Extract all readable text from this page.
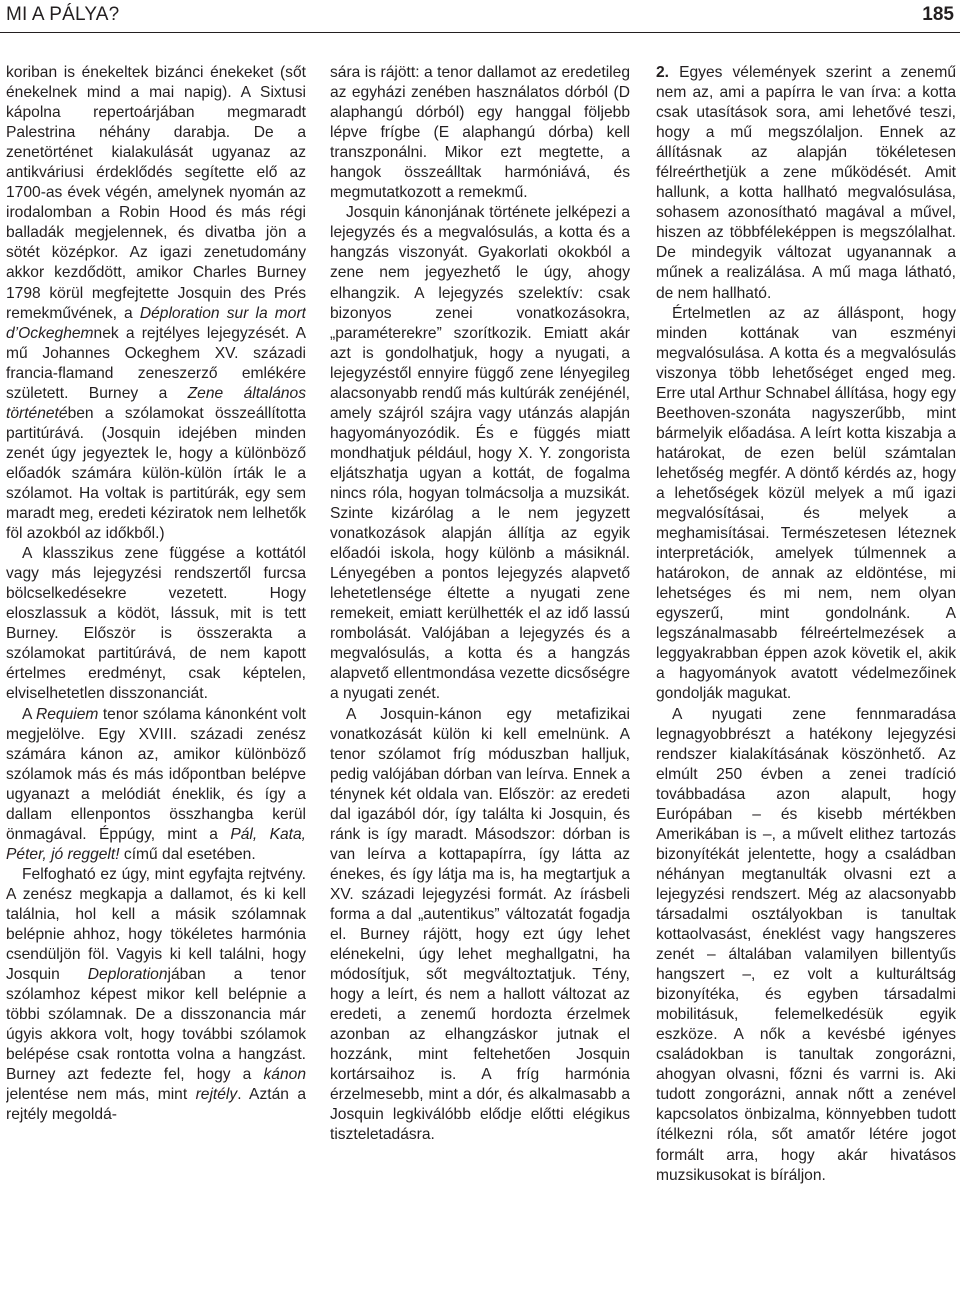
MI A PÁLYA?	185

koriban is énekeltek bizánci énekeket (sőt énekelnek mind a mai napig). A Sixtusi kápolna repertoárjában megmaradt Palestrina néhány darabja. De a zenetörténet kialakulását ugyanaz az antikváriusi érdeklődés segítette elő az 1700-as évek végén, amelynek nyomán az irodalomban a Robin Hood és más régi balladák megjelennek, és divatba jön a sötét középkor. Az igazi zenetudomány akkor kezdődött, amikor Charles Burney 1798 körül megfejtette Josquin des Prés remekművének, a Déploration sur la mort d’Ockeghemnek a rejtélyes lejegyzését. A mű Johannes Ockeghem XV. századi francia-flamand zeneszerző emlékére született. Burney a Zene általános történetében a szólamokat összeállította partitúrává. (Josquin idejében minden zenét úgy jegyeztek le, hogy a különböző előadók számára külön-külön írták le a szólamot. Ha voltak is partitúrák, egy sem maradt meg, eredeti kéziratok nem lelhetők föl azokból az időkből.)

A klasszikus zene függése a kottától vagy más lejegyzési rendszertől furcsa bölcselkedésekre vezetett. Hogy eloszlassuk a ködöt, lássuk, mit is tett Burney. Először is összeraktа a szólamokat partitúrává, de nem kapott értelmes eredményt, csak képtelen, elviselhetetlen disszonanciát.

A Requiem tenor szólama kánonként volt megjelölve. Egy XVIII. századi zenész számára kánon az, amikor különböző szólamok más és más időpontban belépve ugyanazt a melódiát éneklik, és így a dallam ellenpontos összhangba kerül önmagával. Éppúgy, mint a Pál, Kata, Péter, jó reggelt! című dal esetében.

Felfogható ez úgy, mint egyfajta rejtvény. A zenész megkapja a dallamot, és ki kell találnia, hol kell a másik szólamnak belépnie ahhoz, hogy tökéletes harmónia csendüljön föl. Vagyis ki kell találni, hogy Josquin Deplorationjában a tenor szólamhoz képest mikor kell belépnie a többi szólamnak. De a disszonancia már úgyis akkora volt, hogy további szólamok belépése csak rontotta volna a hangzást. Burney azt fedezte fel, hogy a kánon jelentése nem más, mint rejtély. Aztán a rejtély megoldá-

sára is rájött: a tenor dallamot az eredetileg az egyházi zenében használatos dórból (D alaphangú dórból) egy hanggal följebb lépve frígbe (E alaphangú dórba) kell transzponálni. Mikor ezt megtette, a hangok összeálltak harmóniává, és megmutatkozott a remekmű.

Josquin kánonjának története jelképezi a lejegyzés és a megvalósulás, a kotta és a hangzás viszonyát. Gyakorlati okokból a zene nem jegyezhető le úgy, ahogy elhangzik. A lejegyzés szelektív: csak bizonyos zenei vonatkozásokra, „paraméterekre” szorítkozik. Emiatt akár azt is gondolhatjuk, hogy a nyugati, a lejegyzéstől ennyire függő zene lényegileg alacsonyabb rendű más kultúrák zenéjénél, amely szájról szájra vagy utánzás alapján hagyományozódik. És e függés miatt mondhatjuk például, hogy X. Y. zongorista eljátszhatja ugyan a kottát, de fogalma nincs róla, hogyan tolmácsolja a muzsikát. Szinte kizárólag a le nem jegyzett vonatkozások alapján állítja az egyik előadói iskola, hogy különb a másiknál. Lényegében a pontos lejegyzés alapvető lehetetlensége éltette a nyugati zene remekeit, emiatt kerülhették el az idő lassú rombolását. Valójában a lejegyzés és a megvalósulás, a kotta és a hangzás alapvető ellentmondása vezette dicsőségre a nyugati zenét.

A Josquin-kánon egy metafizikai vonatkozását külön ki kell emelnünk. A tenor szólamot fríg móduszban halljuk, pedig valójában dórban van leírva. Ennek a ténynek két oldala van. Először: az eredeti dal igazából dór, így találta ki Josquin, és ránk is így maradt. Másodszor: dórban is van leírva a kottapapírra, így látta az énekes, és így látja ma is, ha megtartjuk a XV. századi lejegyzési formát. Az írásbeli forma a dal „autentikus” változatát fogadja el. Burney rájött, hogy ezt úgy lehet elénekelni, úgy lehet meghallgatni, ha módosítjuk, sőt megváltoztatjuk. Tény, hogy a leírt, és nem a hallott változat az eredeti, a zenemű hordozta érzelmek azonban az elhangzáskor jutnak el hozzánk, mint feltehetően Josquin kortársaihoz is. A fríg harmónia érzelmesebb, mint a dór, és alkalmasabb a Josquin legkiválóbb elődje előtti elégikus tiszteletadásra.

2. Egyes vélemények szerint a zenemű nem az, ami a papírra le van írva: a kotta csak utasítások sora, ami lehetővé teszi, hogy a mű megszólaljon. Ennek az állításnak az alapján tökéletesen félreérthetjük a zene működését. Amit hallunk, a kotta hallható megvalósulása, sohasem azonosítható magával a művel, hiszen az többféleképpen is megszólalhat. De mindegyik változat ugyanannak a műnek a realizálása. A mű maga látható, de nem hallható.

Értelmetlen az az álláspont, hogy minden kottának van eszményi megvalósulása. A kotta és a megvalósulás viszonya több lehetőséget enged meg. Erre utal Arthur Schnabel állítása, hogy egy Beethoven-szonáta nagyszerűbb, mint bármelyik előadása. A leírt kotta kiszabja a határokat, de ezen belül számtalan lehetőség megfér. A döntő kérdés az, hogy a lehetőségek közül melyek a mű igazi megvalósításai, és melyek a meghamisításai. Természetesen léteznek interpretációk, amelyek túlmennek a határokon, de annak az eldöntése, mi lehetséges és mi nem, nem olyan egyszerű, mint gondolnánk. A legszánalmasabb félreértelmezések a leggyakrabban éppen azok követik el, akik a hagyományok avatott védelmezőinek gondolják magukat.

A nyugati zene fennmaradása legnagyobbrészt a hatékony lejegyzési rendszer kialakításának köszönhető. Az elmúlt 250 évben a zenei tradíció továbbadása azon alapult, hogy Európában – és kisebb mértékben Amerikában is –, a művelt elithez tartozás bizonyítékát jelentette, hogy a családban néhányan megtanulták olvasni ezt a lejegyzési rendszert. Még az alacsonyabb társadalmi osztályokban is tanultak kottaolvasást, éneklést vagy hangszeres zenét – általában valamilyen billentyűs hangszert –, ez volt a kulturáltság bizonyítéka, és egyben társadalmi mobilitásuk, felemelkedésük egyik eszköze. A nők a kevésbé igényes családokban is tanultak zongorázni, ahogyan olvasni, főzni és varrni is. Aki tudott zongorázni, annak nőtt a zenével kapcsolatos önbizalma, könnyebben tudott ítélkezni róla, sőt amatőr létére jogot formált arra, hogy akár hivatásos muzsikusokat is bíráljon.
